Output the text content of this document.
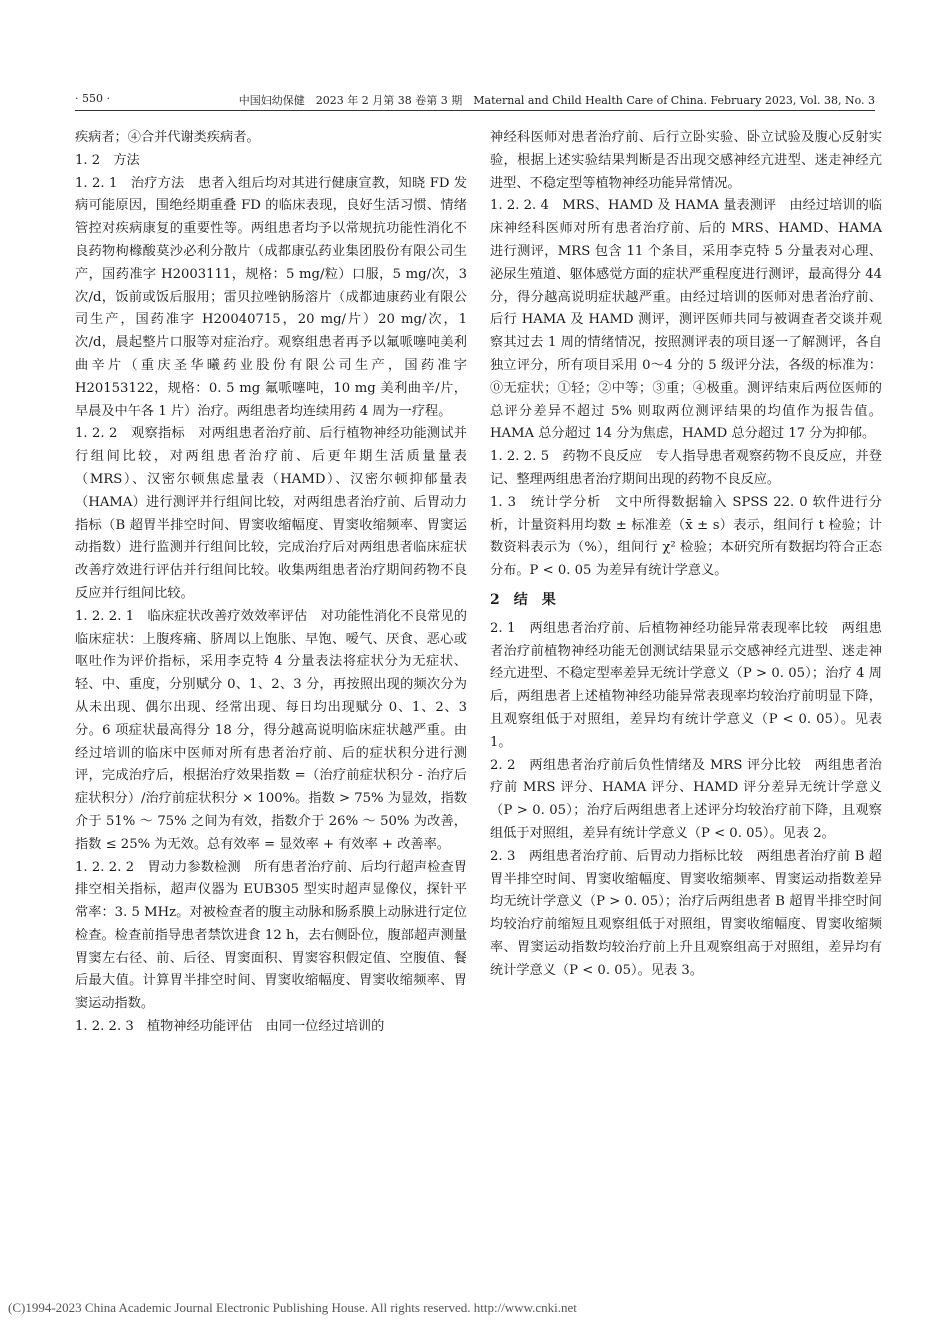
· 550 ·	中国妇幼保健　2023 年 2 月第 38 卷第 3 期　Maternal and Child Health Care of China. February 2023, Vol. 38, No. 3

疾病者；④合并代谢类疾病者。

1. 2　方法

1. 2. 1　治疗方法　患者入组后均对其进行健康宣教，知晓 FD 发病可能原因，围绝经期重叠 FD 的临床表现，良好生活习惯、情绪管控对疾病康复的重要性等。两组患者均予以常规抗功能性消化不良药物枸橼酸莫沙必利分散片（成都康弘药业集团股份有限公司生产，国药准字 H2003111，规格：5 mg/粒）口服，5 mg/次，3 次/d，饭前或饭后服用；雷贝拉唑钠肠溶片（成都迪康药业有限公司生产，国药准字 H20040715，20 mg/片）20 mg/次，1 次/d，晨起整片口服等对症治疗。观察组患者再予以氟哌噻吨美利曲辛片（重庆圣华曦药业股份有限公司生产，国药准字 H20153122，规格：0. 5 mg 氟哌噻吨，10 mg 美利曲辛/片，早晨及中午各 1 片）治疗。两组患者均连续用药 4 周为一疗程。

1. 2. 2　观察指标　对两组患者治疗前、后行植物神经功能测试并行组间比较，对两组患者治疗前、后更年期生活质量量表（MRS）、汉密尔顿焦虑量表（HAMD）、汉密尔顿抑郁量表（HAMA）进行测评并行组间比较，对两组患者治疗前、后胃动力指标（B 超胃半排空时间、胃窦收缩幅度、胃窦收缩频率、胃窦运动指数）进行监测并行组间比较，完成治疗后对两组患者临床症状改善疗效进行评估并行组间比较。收集两组患者治疗期间药物不良反应并行组间比较。

1. 2. 2. 1　临床症状改善疗效效率评估　对功能性消化不良常见的临床症状：上腹疼痛、脐周以上饱胀、早饱、嗳气、厌食、恶心或呕吐作为评价指标，采用李克特 4 分量表法将症状分为无症状、轻、中、重度，分别赋分 0、1、2、3 分，再按照出现的频次分为从未出现、偶尔出现、经常出现、每日均出现赋分 0、1、2、3 分。6 项症状最高得分 18 分，得分越高说明临床症状越严重。由经过培训的临床中医师对所有患者治疗前、后的症状积分进行测评，完成治疗后，根据治疗效果指数 =（治疗前症状积分 - 治疗后症状积分）/治疗前症状积分 × 100%。指数 > 75% 为显效，指数介于 51% ～ 75% 之间为有效，指数介于 26% ～ 50% 为改善，指数 ≤ 25% 为无效。总有效率 = 显效率 + 有效率 + 改善率。

1. 2. 2. 2　胃动力参数检测　所有患者治疗前、后均行超声检查胃排空相关指标，超声仪器为 EUB305 型实时超声显像仪，探针平常率：3. 5 MHz。对被检查者的腹主动脉和肠系膜上动脉进行定位检查。检查前指导患者禁饮进食 12 h，去右侧卧位，腹部超声测量胃窦左右径、前、后径、胃窦面积、胃窦容积假定值、空腹值、餐后最大值。计算胃半排空时间、胃窦收缩幅度、胃窦收缩频率、胃窦运动指数。

1. 2. 2. 3　植物神经功能评估　由同一位经过培训的

神经科医师对患者治疗前、后行立卧实验、卧立试验及腹心反射实验，根据上述实验结果判断是否出现交感神经亢进型、迷走神经亢进型、不稳定型等植物神经功能异常情况。

1. 2. 2. 4　MRS、HAMD 及 HAMA 量表测评　由经过培训的临床神经科医师对所有患者治疗前、后的 MRS、HAMD、HAMA 进行测评，MRS 包含 11 个条目，采用李克特 5 分量表对心理、泌尿生殖道、躯体感觉方面的症状严重程度进行测评，最高得分 44 分，得分越高说明症状越严重。由经过培训的医师对患者治疗前、后行 HAMA 及 HAMD 测评，测评医师共同与被调查者交谈并观察其过去 1 周的情绪情况，按照测评表的项目逐一了解测评，各自独立评分，所有项目采用 0～4 分的 5 级评分法，各级的标准为：⓪无症状；①轻；②中等；③重；④极重。测评结束后两位医师的总评分差异不超过 5% 则取两位测评结果的均值作为报告值。HAMA 总分超过 14 分为焦虑，HAMD 总分超过 17 分为抑郁。

1. 2. 2. 5　药物不良反应　专人指导患者观察药物不良反应，并登记、整理两组患者治疗期间出现的药物不良反应。

1. 3　统计学分析　文中所得数据输入 SPSS 22. 0 软件进行分析，计量资料用均数 ± 标准差（x̄ ± s）表示，组间行 t 检验；计数资料表示为（%），组间行 χ² 检验；本研究所有数据均符合正态分布。P < 0. 05 为差异有统计学意义。

2　结　果

2. 1　两组患者治疗前、后植物神经功能异常表现率比较　两组患者治疗前植物神经功能无创测试结果显示交感神经亢进型、迷走神经亢进型、不稳定型率差异无统计学意义（P > 0. 05）；治疗 4 周后，两组患者上述植物神经功能异常表现率均较治疗前明显下降，且观察组低于对照组，差异均有统计学意义（P < 0. 05）。见表 1。

2. 2　两组患者治疗前后负性情绪及 MRS 评分比较　两组患者治疗前 MRS 评分、HAMA 评分、HAMD 评分差异无统计学意义（P > 0. 05）；治疗后两组患者上述评分均较治疗前下降，且观察组低于对照组，差异有统计学意义（P < 0. 05）。见表 2。

2. 3　两组患者治疗前、后胃动力指标比较　两组患者治疗前 B 超胃半排空时间、胃窦收缩幅度、胃窦收缩频率、胃窦运动指数差异均无统计学意义（P > 0. 05）；治疗后两组患者 B 超胃半排空时间均较治疗前缩短且观察组低于对照组，胃窦收缩幅度、胃窦收缩频率、胃窦运动指数均较治疗前上升且观察组高于对照组，差异均有统计学意义（P < 0. 05）。见表 3。

(C)1994-2023 China Academic Journal Electronic Publishing House. All rights reserved. http://www.cnki.net
